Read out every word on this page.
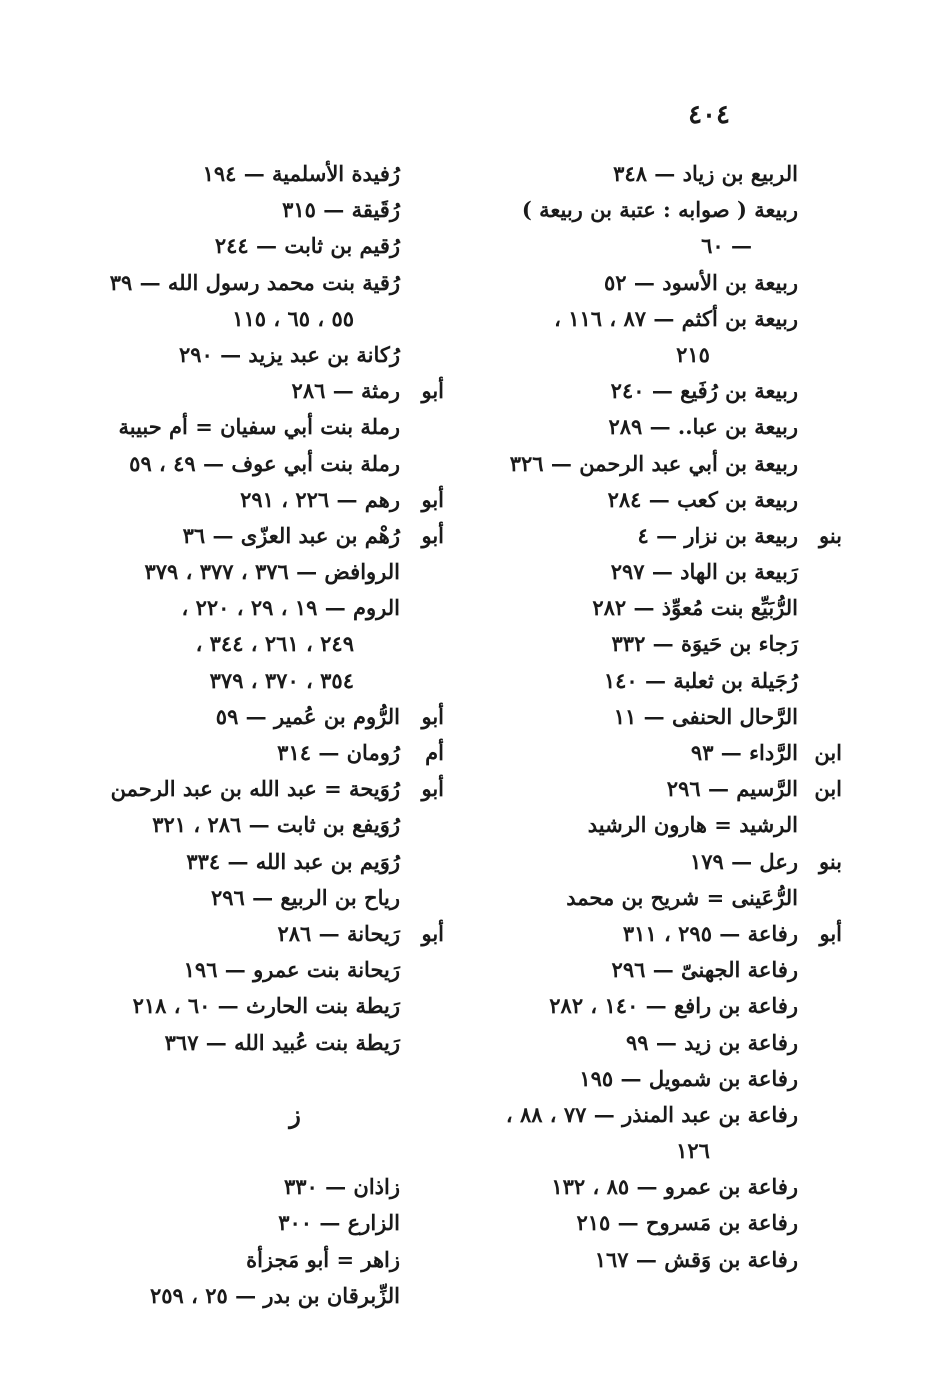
٤٠٤
الربيع بن زياد — ٣٤٨
ربيعة ( صوابه : عتبة بن ربيعة )
— ٦٠
ربيعة بن الأسود — ٥٢
ربيعة بن أكثم — ٨٧ ، ١١٦ ،
٢١٥
ربيعة بن رُفَيع — ٢٤٠
ربيعة بن عبا.. — ٢٨٩
ربيعة بن أبي عبد الرحمن — ٣٢٦
ربيعة بن كعب — ٢٨٤
بنو
ربيعة بن نزار — ٤
رَبيعة بن الهاد — ٢٩٧
الرُّبَيِّع بنت مُعوِّذ — ٢٨٢
رَجاء بن حَيوَة — ٣٣٢
رُجَيلة بن ثعلبة — ١٤٠
الرَّحال الحنفى — ١١
ابن
الرَّداء — ٩٣
ابن
الرَّسيم — ٢٩٦
الرشيد = هارون الرشيد
بنو
رعل — ١٧٩
الرُّعَينى = شريح بن محمد
أبو
رفاعة — ٢٩٥ ، ٣١١
رفاعة الجهنىّ — ٢٩٦
رفاعة بن رافع — ١٤٠ ، ٢٨٢
رفاعة بن زيد — ٩٩
رفاعة بن شمويل — ١٩٥
رفاعة بن عبد المنذر — ٧٧ ، ٨٨ ،
١٢٦
رفاعة بن عمرو — ٨٥ ، ١٣٢
رفاعة بن مَسروح — ٢١٥
رفاعة بن وَقش — ١٦٧
رُفيدة الأسلمية — ١٩٤
رُقَيقة — ٣١٥
رُقيم بن ثابت — ٢٤٤
رُقية بنت محمد رسول الله — ٣٩
٥٥ ، ٦٥ ، ١١٥
رُكانة بن عبد يزيد — ٢٩٠
أبو
رمثة — ٢٨٦
رملة بنت أبي سفيان = أم حبيبة
رملة بنت أبي عوف — ٤٩ ، ٥٩
أبو
رهم — ٢٢٦ ، ٢٩١
أبو
رُهْم بن عبد العزّى — ٣٦
الروافض — ٣٧٦ ، ٣٧٧ ، ٣٧٩
الروم — ١٩ ، ٢٩ ، ٢٢٠ ،
٢٤٩ ، ٢٦١ ، ٣٤٤ ،
٣٥٤ ، ٣٧٠ ، ٣٧٩
أبو
الرُّوم بن عُمير — ٥٩
أم
رُومان — ٣١٤
أبو
رُوَيحة = عبد الله بن عبد الرحمن
رُوَيفع بن ثابت — ٢٨٦ ، ٣٢١
رُوَيم بن عبد الله — ٣٣٤
رياح بن الربيع — ٢٩٦
أبو
رَيحانة — ٢٨٦
رَيحانة بنت عمرو — ١٩٦
رَيطة بنت الحارث — ٦٠ ، ٢١٨
رَيطة بنت عُبيد الله — ٣٦٧
ز
زاذان — ٣٣٠
الزارع — ٣٠٠
زاهر = أبو مَجزأة
الزِّبرقان بن بدر — ٢٥ ، ٢٥٩
